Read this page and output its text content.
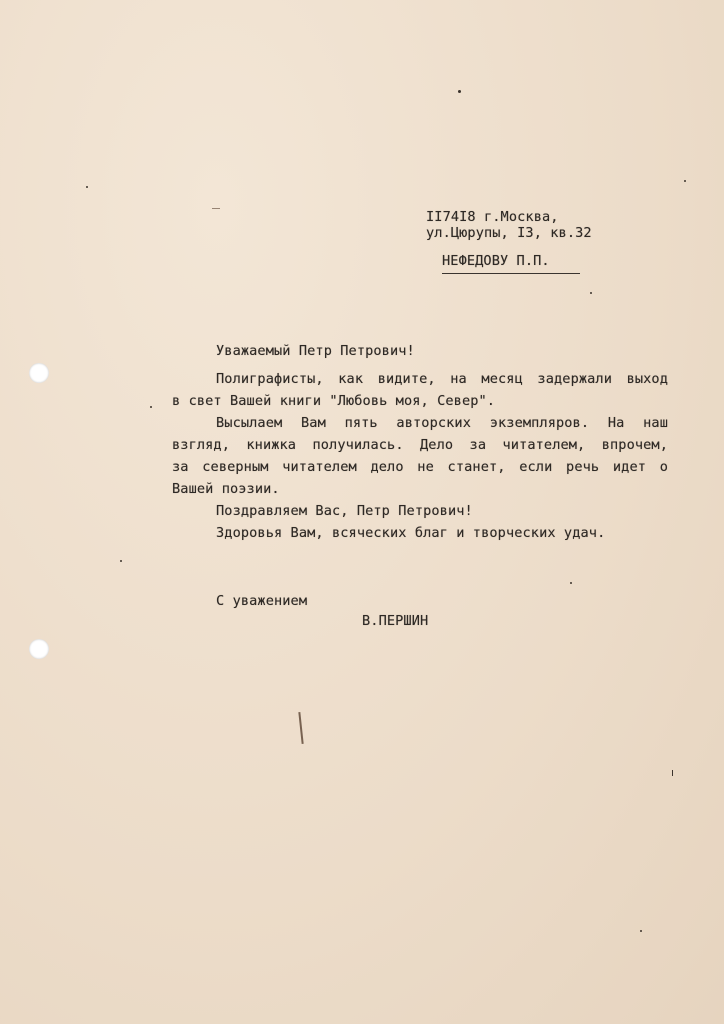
II74I8 г.Москва,

ул.Цюрупы, I3, кв.32

НЕФЕДОВУ П.П.

Уважаемый Петр Петрович!

Полиграфисты, как видите, на месяц задержали выход

в свет Вашей книги "Любовь моя, Север".

Высылаем Вам пять авторских экземпляров. На наш

взгляд, книжка получилась. Дело за читателем, впрочем,

за северным читателем дело не станет, если речь идет о

Вашей поэзии.

Поздравляем Вас, Петр Петрович!

Здоровья Вам, всяческих благ и творческих удач.

С уважением

В.ПЕРШИН
